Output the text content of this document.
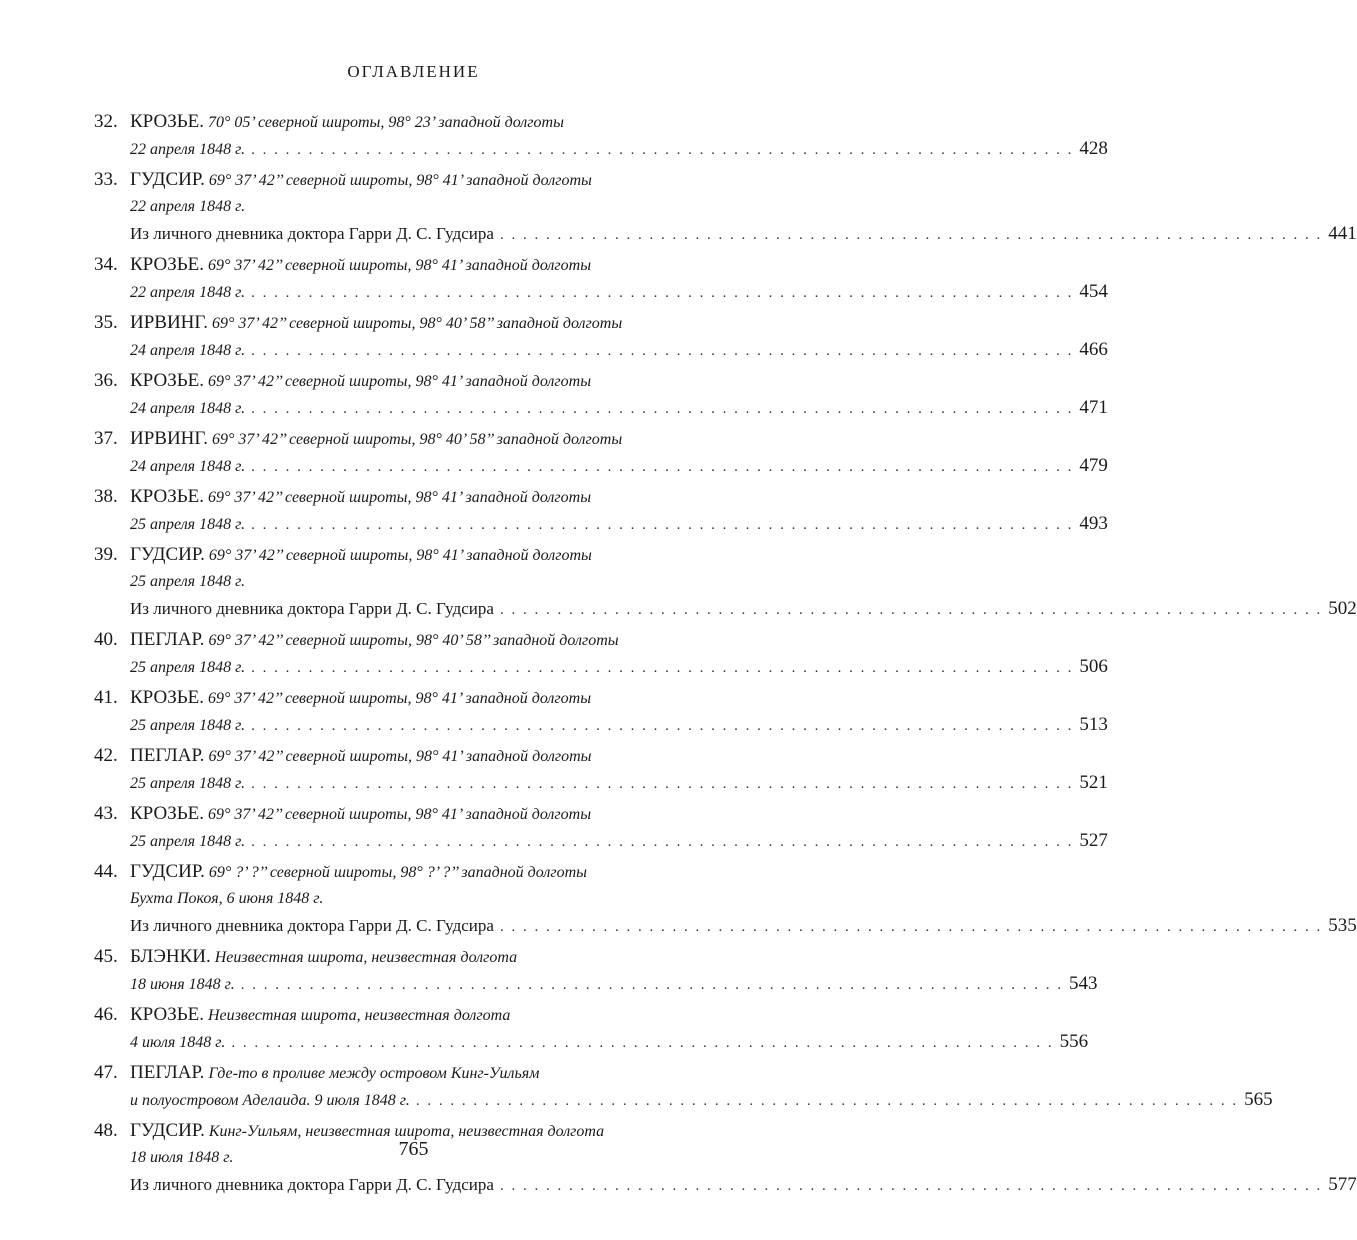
ОГЛАВЛЕНИЕ
32. КРОЗЬЕ.
70° 05’ северной широты, 98° 23’ западной долготы
22 апреля 1848 г. . . . . . . . . . . . . . . . . . . . . . . . . . . . . . . . . . . . . . . . . . . . . . . . . . . . . . . . . . . . . . . . . . . . . . . . . 428
33. ГУДСИР.
69° 37’ 42’’ северной широты, 98° 41’ западной долготы
22 апреля 1848 г.
Из личного дневника доктора Гарри Д. С. Гудсира . . . . . . . . . . . . . . . . . . . . . . . . . . . . . . . . . . . . . . . . . . . . . . . . . . . . . . . . . . . . . . . . . . . . . . . . 441
34. КРОЗЬЕ.
69° 37’ 42’’ северной широты, 98° 41’ западной долготы
22 апреля 1848 г. . . . . . . . . . . . . . . . . . . . . . . . . . . . . . . . . . . . . . . . . . . . . . . . . . . . . . . . . . . . . . . . . . . . . . . . . 454
35. ИРВИНГ.
69° 37’ 42’’ северной широты, 98° 40’ 58’’ западной долготы
24 апреля 1848 г. . . . . . . . . . . . . . . . . . . . . . . . . . . . . . . . . . . . . . . . . . . . . . . . . . . . . . . . . . . . . . . . . . . . . . . . . 466
36. КРОЗЬЕ.
69° 37’ 42’’ северной широты, 98° 41’ западной долготы
24 апреля 1848 г. . . . . . . . . . . . . . . . . . . . . . . . . . . . . . . . . . . . . . . . . . . . . . . . . . . . . . . . . . . . . . . . . . . . . . . . . 471
37. ИРВИНГ.
69° 37’ 42’’ северной широты, 98° 40’ 58’’ западной долготы
24 апреля 1848 г. . . . . . . . . . . . . . . . . . . . . . . . . . . . . . . . . . . . . . . . . . . . . . . . . . . . . . . . . . . . . . . . . . . . . . . . . 479
38. КРОЗЬЕ.
69° 37’ 42’’ северной широты, 98° 41’ западной долготы
25 апреля 1848 г. . . . . . . . . . . . . . . . . . . . . . . . . . . . . . . . . . . . . . . . . . . . . . . . . . . . . . . . . . . . . . . . . . . . . . . . . 493
39. ГУДСИР.
69° 37’ 42’’ северной широты, 98° 41’ западной долготы
25 апреля 1848 г.
Из личного дневника доктора Гарри Д. С. Гудсира . . . . . . . . . . . . . . . . . . . . . . . . . . . . . . . . . . . . . . . . . . . . . . . . . . . . . . . . . . . . . . . . . . . . . . . . 502
40. ПЕГЛАР.
69° 37’ 42’’ северной широты, 98° 40’ 58’’ западной долготы
25 апреля 1848 г. . . . . . . . . . . . . . . . . . . . . . . . . . . . . . . . . . . . . . . . . . . . . . . . . . . . . . . . . . . . . . . . . . . . . . . . . 506
41. КРОЗЬЕ.
69° 37’ 42’’ северной широты, 98° 41’ западной долготы
25 апреля 1848 г. . . . . . . . . . . . . . . . . . . . . . . . . . . . . . . . . . . . . . . . . . . . . . . . . . . . . . . . . . . . . . . . . . . . . . . . . 513
42. ПЕГЛАР.
69° 37’ 42’’ северной широты, 98° 41’ западной долготы
25 апреля 1848 г. . . . . . . . . . . . . . . . . . . . . . . . . . . . . . . . . . . . . . . . . . . . . . . . . . . . . . . . . . . . . . . . . . . . . . . . . 521
43. КРОЗЬЕ.
69° 37’ 42’’ северной широты, 98° 41’ западной долготы
25 апреля 1848 г. . . . . . . . . . . . . . . . . . . . . . . . . . . . . . . . . . . . . . . . . . . . . . . . . . . . . . . . . . . . . . . . . . . . . . . . . 527
44. ГУДСИР.
69° ?’ ?’’ северной широты, 98° ?’ ?’’ западной долготы
Бухта Покоя, 6 июня 1848 г.
Из личного дневника доктора Гарри Д. С. Гудсира . . . . . . . . . . . . . . . . . . . . . . . . . . . . . . . . . . . . . . . . . . . . . . . . . . . . . . . . . . . . . . . . . . . . . . . . 535
45. БЛЭНКИ.
Неизвестная широта, неизвестная долгота
18 июня 1848 г. . . . . . . . . . . . . . . . . . . . . . . . . . . . . . . . . . . . . . . . . . . . . . . . . . . . . . . . . . . . . . . . . . . . . . . . . 543
46. КРОЗЬЕ.
Неизвестная широта, неизвестная долгота
4 июля 1848 г. . . . . . . . . . . . . . . . . . . . . . . . . . . . . . . . . . . . . . . . . . . . . . . . . . . . . . . . . . . . . . . . . . . . . . . . . 556
47. ПЕГЛАР.
Где-то в проливе между островом Кинг-Уильям
и полуостровом Аделаида. 9 июля 1848 г. . . . . . . . . . . . . . . . . . . . . . . . . . . . . . . . . . . . . . . . . . . . . . . . . . . . . . . . . . . . . . . . . . . . . . . . . 565
48. ГУДСИР.
Кинг-Уильям, неизвестная широта, неизвестная долгота
18 июля 1848 г.
Из личного дневника доктора Гарри Д. С. Гудсира . . . . . . . . . . . . . . . . . . . . . . . . . . . . . . . . . . . . . . . . . . . . . . . . . . . . . . . . . . . . . . . . . . . . . . . . 577
765
